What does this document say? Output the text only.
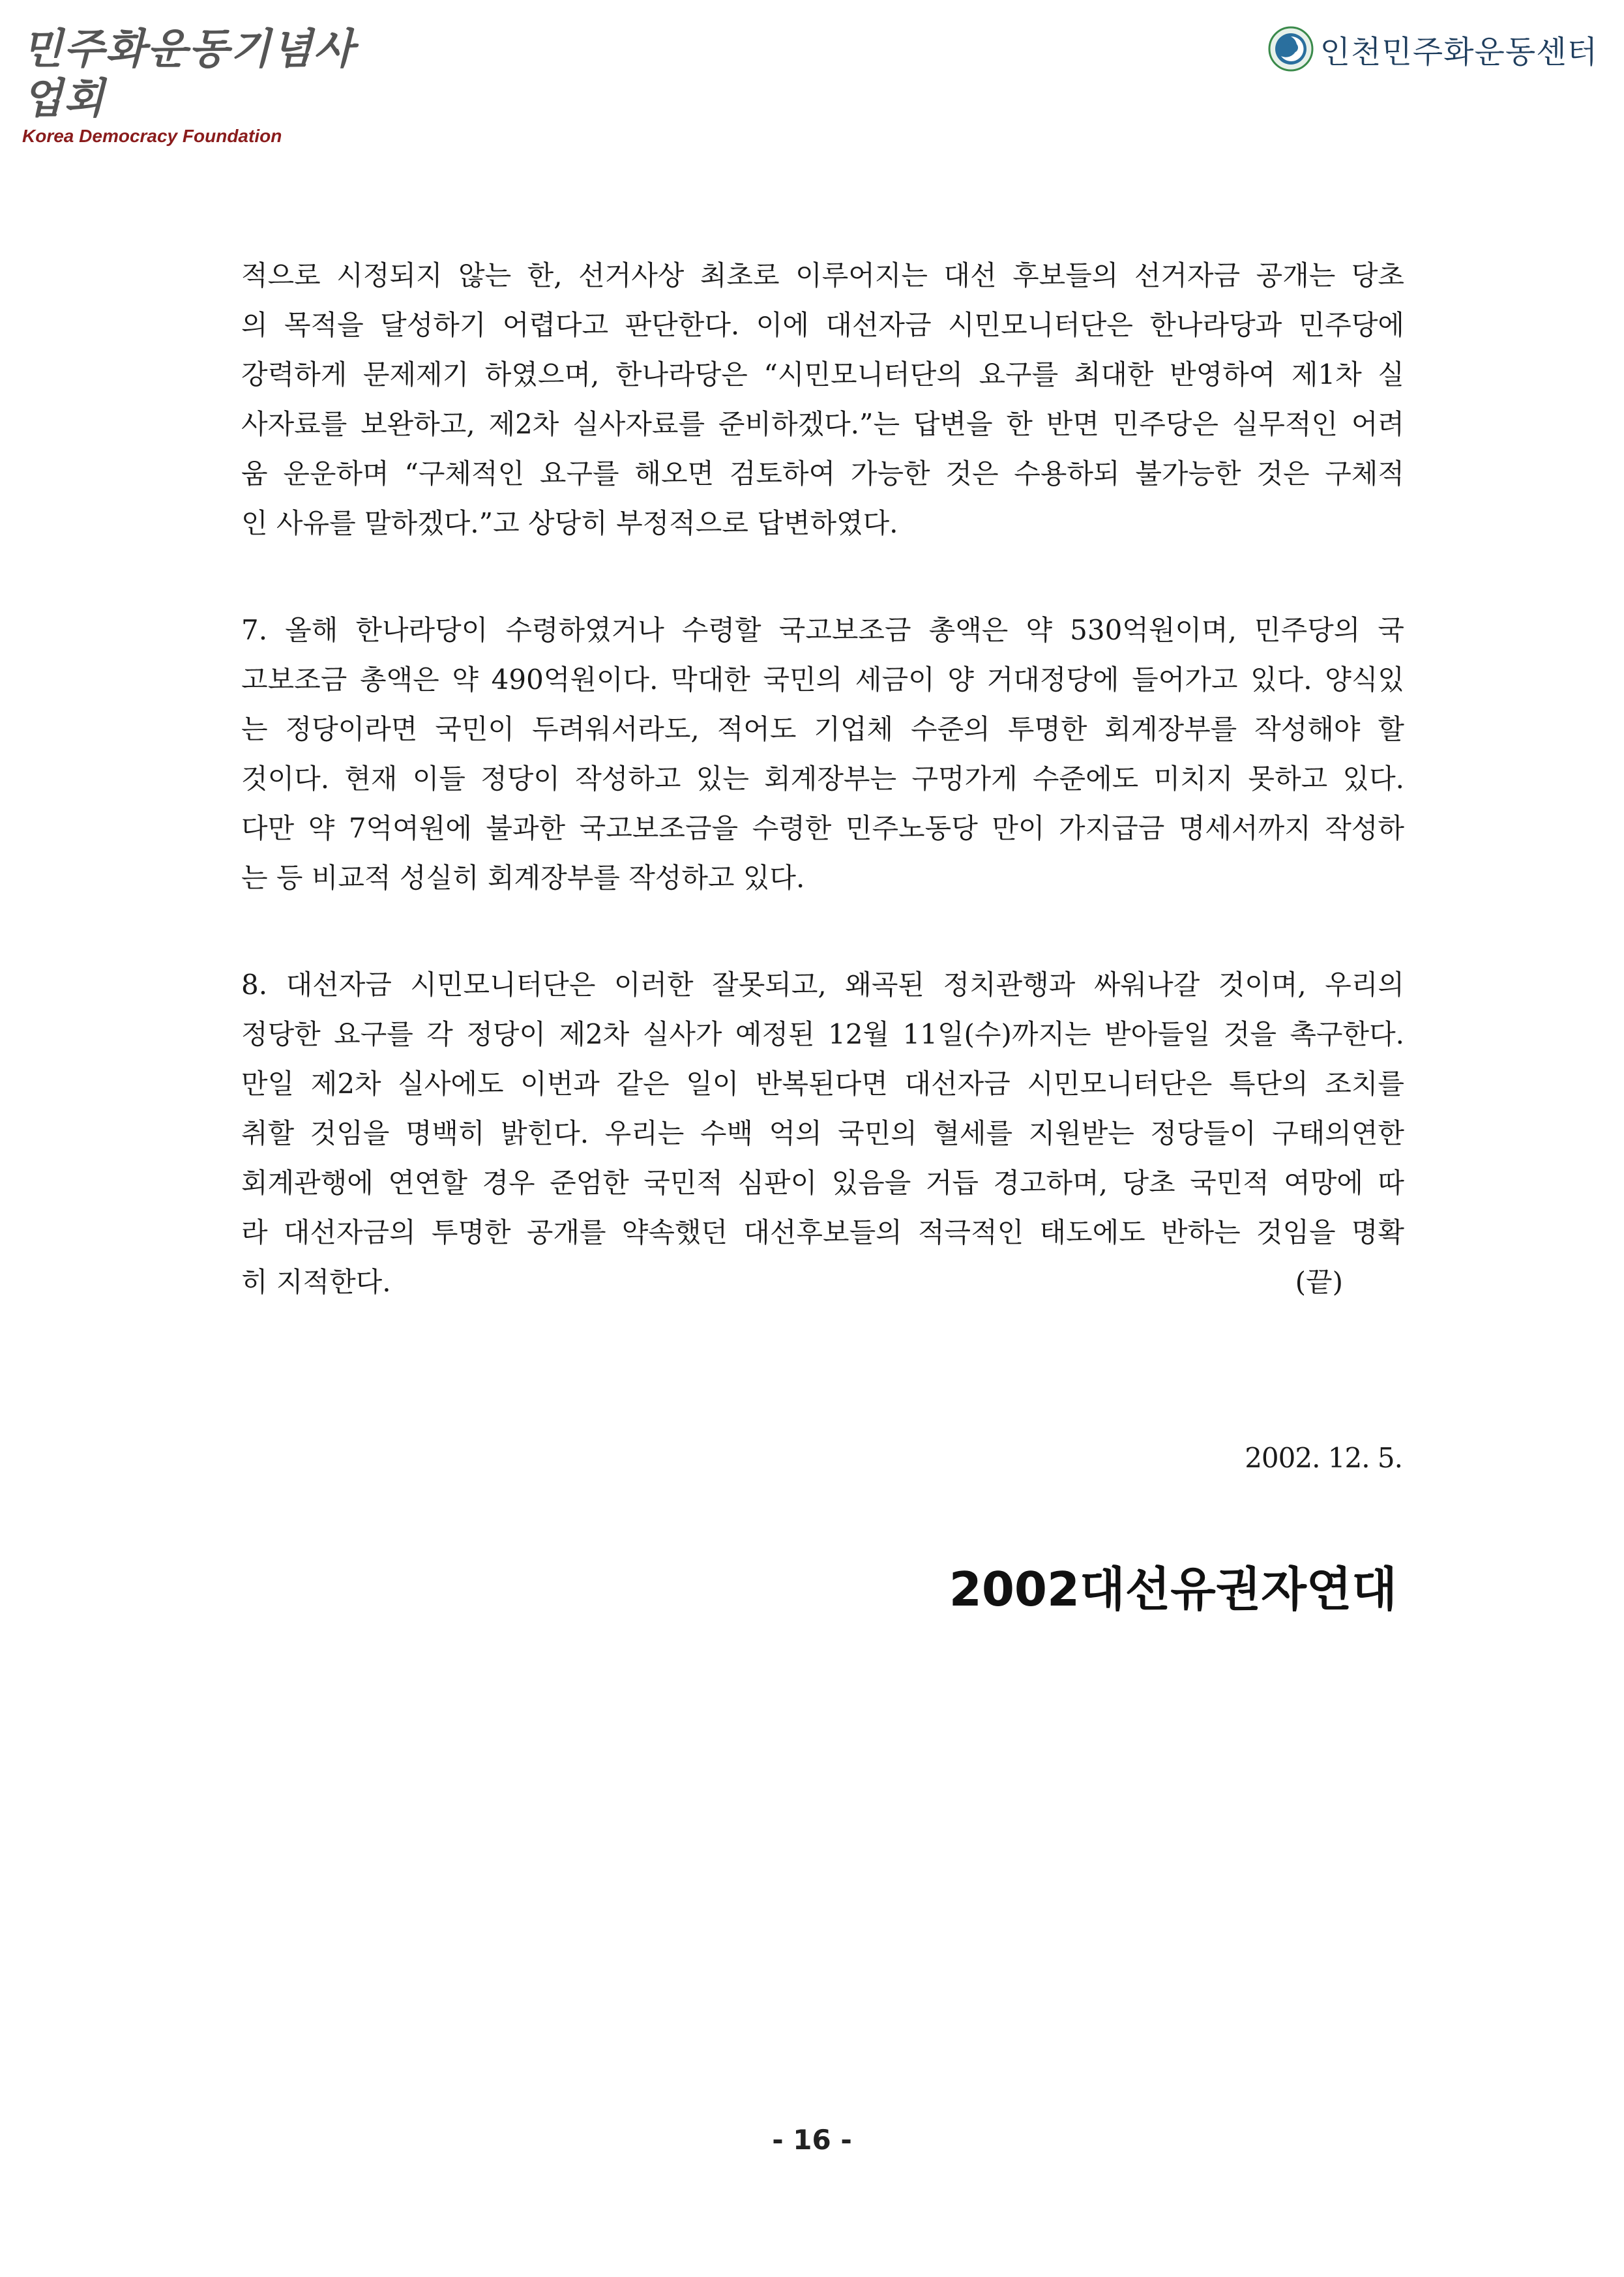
민주화운동기념사업회
Korea Democracy Foundation
인천민주화운동센터

적으로 시정되지 않는 한, 선거사상 최초로 이루어지는 대선 후보들의 선거자금 공개는 당초
의 목적을 달성하기 어렵다고 판단한다. 이에 대선자금 시민모니터단은 한나라당과 민주당에
강력하게 문제제기 하였으며, 한나라당은 “시민모니터단의 요구를 최대한 반영하여 제1차 실
사자료를 보완하고, 제2차 실사자료를 준비하겠다.”는 답변을 한 반면 민주당은 실무적인 어려
움 운운하며 “구체적인 요구를 해오면 검토하여 가능한 것은 수용하되 불가능한 것은 구체적
인 사유를 말하겠다.”고 상당히 부정적으로 답변하였다.

7. 올해 한나라당이 수령하였거나 수령할 국고보조금 총액은 약 530억원이며, 민주당의 국
고보조금 총액은 약 490억원이다. 막대한 국민의 세금이 양 거대정당에 들어가고 있다. 양식있
는 정당이라면 국민이 두려워서라도, 적어도 기업체 수준의 투명한 회계장부를 작성해야 할
것이다. 현재 이들 정당이 작성하고 있는 회계장부는 구멍가게 수준에도 미치지 못하고 있다.
다만 약 7억여원에 불과한 국고보조금을 수령한 민주노동당 만이 가지급금 명세서까지 작성하
는 등 비교적 성실히 회계장부를 작성하고 있다.

8. 대선자금 시민모니터단은 이러한 잘못되고, 왜곡된 정치관행과 싸워나갈 것이며, 우리의
정당한 요구를 각 정당이 제2차 실사가 예정된 12월 11일(수)까지는 받아들일 것을 촉구한다.
만일 제2차 실사에도 이번과 같은 일이 반복된다면 대선자금 시민모니터단은 특단의 조치를
취할 것임을 명백히 밝힌다. 우리는 수백 억의 국민의 혈세를 지원받는 정당들이 구태의연한
회계관행에 연연할 경우 준엄한 국민적 심판이 있음을 거듭 경고하며, 당초 국민적 여망에 따
라 대선자금의 투명한 공개를 약속했던 대선후보들의 적극적인 태도에도 반하는 것임을 명확
히 지적한다.	(끝)

2002. 12. 5.
2002대선유권자연대
- 16 -
